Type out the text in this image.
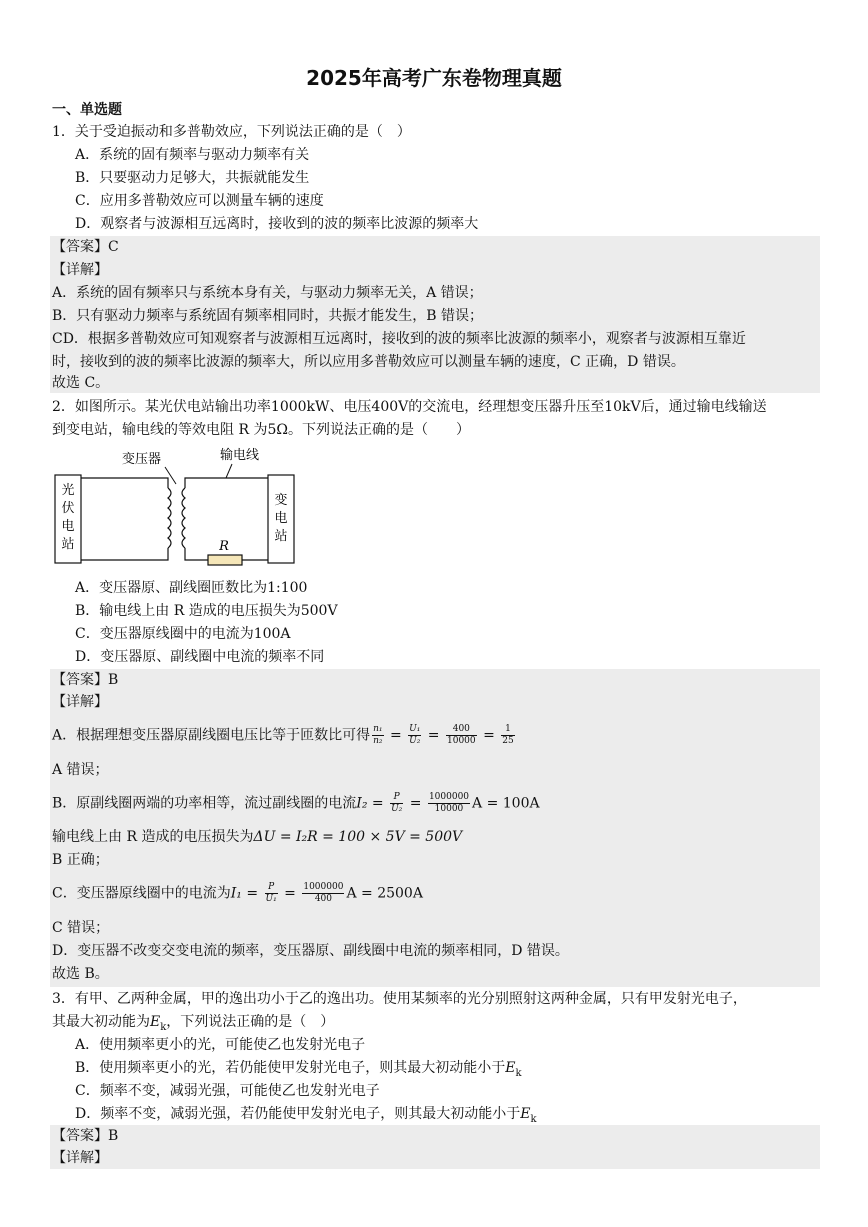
2025年高考广东卷物理真题
一、单选题
1．关于受迫振动和多普勒效应，下列说法正确的是（　）
A．系统的固有频率与驱动力频率有关
B．只要驱动力足够大，共振就能发生
C．应用多普勒效应可以测量车辆的速度
D．观察者与波源相互远离时，接收到的波的频率比波源的频率大
【答案】C
【详解】
A．系统的固有频率只与系统本身有关，与驱动力频率无关，A 错误；
B．只有驱动力频率与系统固有频率相同时，共振才能发生，B 错误；
CD．根据多普勒效应可知观察者与波源相互远离时，接收到的波的频率比波源的频率小，观察者与波源相互靠近
时，接收到的波的频率比波源的频率大，所以应用多普勒效应可以测量车辆的速度，C 正确，D 错误。
故选 C。
2．如图所示。某光伏电站输出功率1000kW、电压400V的交流电，经理想变压器升压至10kV后，通过输电线输送
到变电站，输电线的等效电阻 R 为5Ω。下列说法正确的是（　　）
光
伏
电
站	R
变
电
站
变压器	输电线
A．变压器原、副线圈匝数比为1:100
B．输电线上由 R 造成的电压损失为500V
C．变压器原线圈中的电流为100A
D．变压器原、副线圈中电流的频率不同
【答案】B
【详解】
A．根据理想变压器原副线圈电压比等于匝数比可得 $\frac{\text{n₁}}{\text{n₂}} = \frac{\text{U₁}}{\text{U₂}} = \frac{400}{10000} = \frac{1}{25}$
A 错误；
B．原副线圈两端的功率相等，流过副线圈的电流$I_2 = \frac{P}{\text{U₂}} = \frac{1000000}{10000}$ A = 100A
输电线上由 R 造成的电压损失为ΔU = I₂R = 100 × 5V = 500V
B 正确；
C．变压器原线圈中的电流为$I_1 = \frac{P}{\text{U₁}} = \frac{1000000}{400}$ A = 2500A
C 错误；
D．变压器不改变交变电流的频率，变压器原、副线圈中电流的频率相同，D 错误。
故选 B。
3．有甲、乙两种金属，甲的逸出功小于乙的逸出功。使用某频率的光分别照射这两种金属，只有甲发射光电子，
其最大初动能为$E_k$，下列说法正确的是（　）
A．使用频率更小的光，可能使乙也发射光电子
B．使用频率更小的光，若仍能使甲发射光电子，则其最大初动能小于$E_k$
C．频率不变，减弱光强，可能使乙也发射光电子
D．频率不变，减弱光强，若仍能使甲发射光电子，则其最大初动能小于$E_k$
【答案】B
【详解】
